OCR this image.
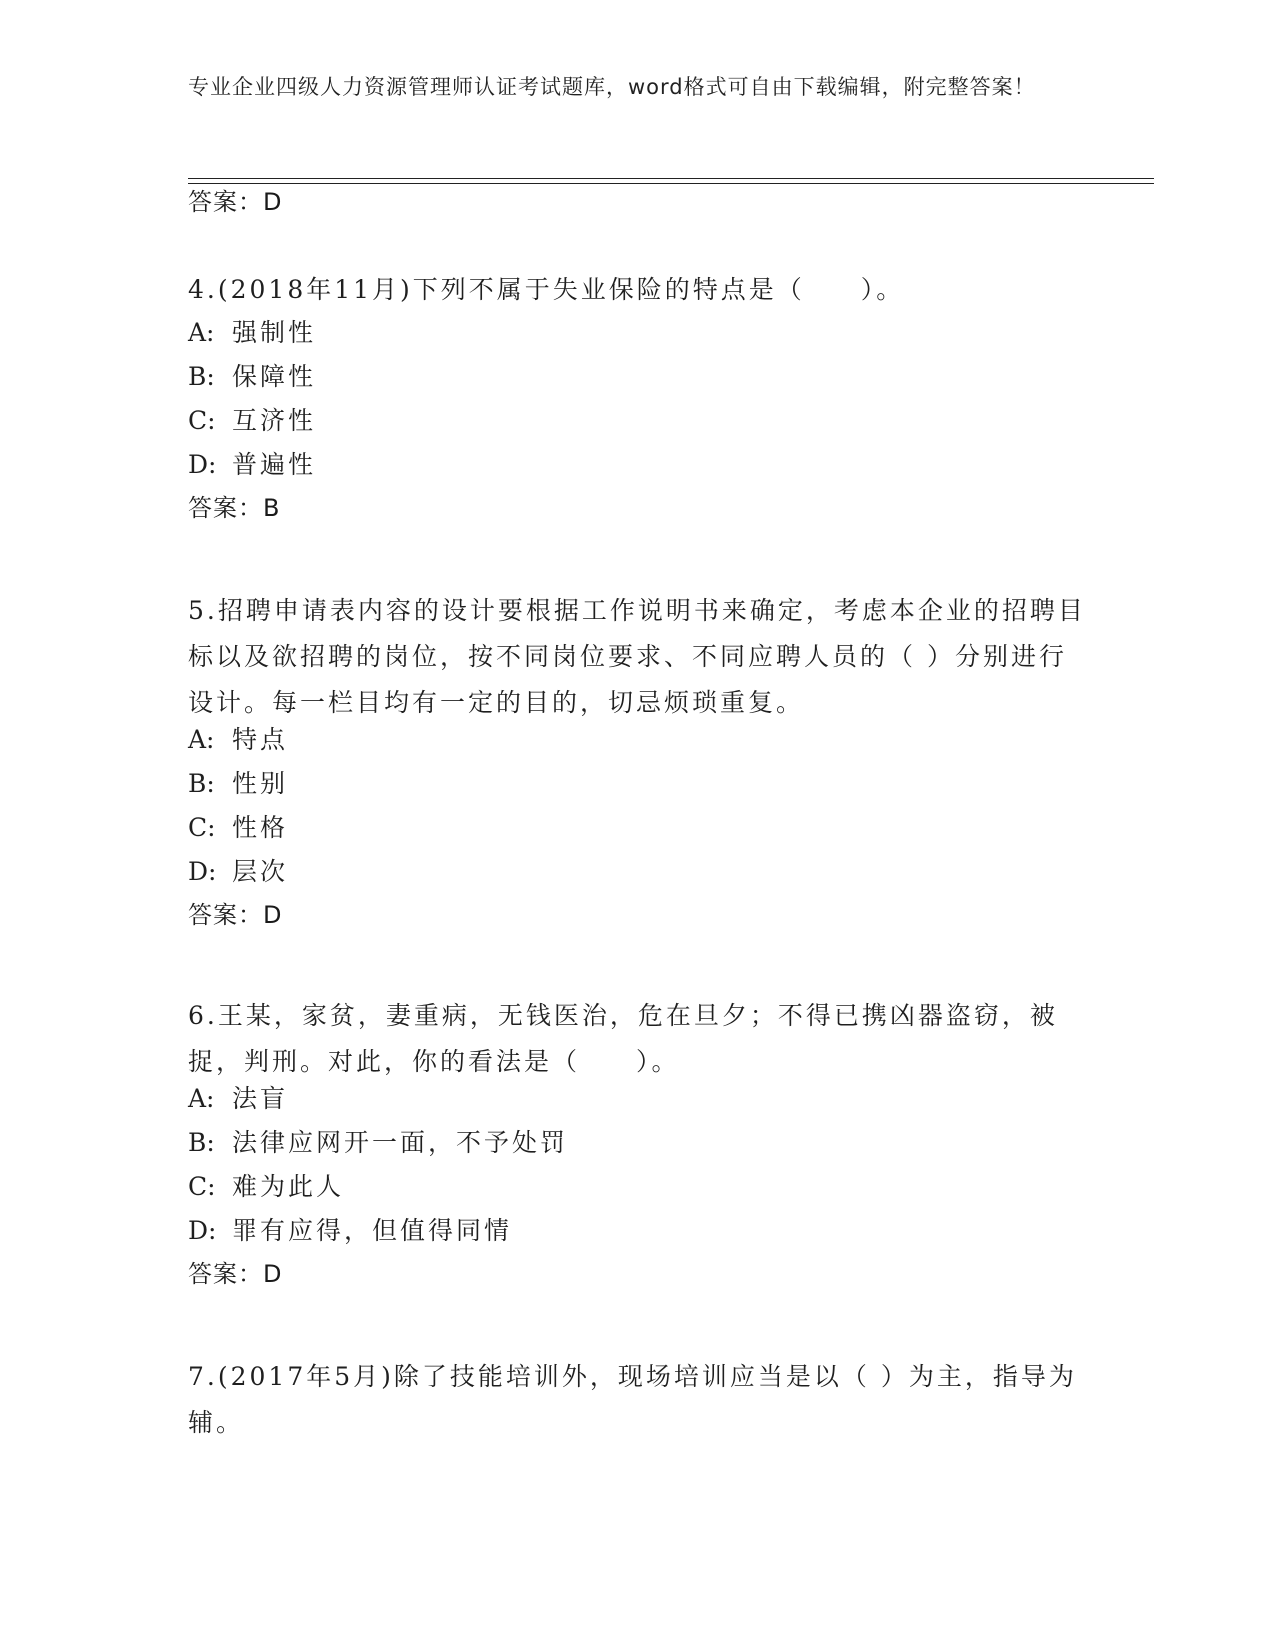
专业企业四级人力资源管理师认证考试题库，word格式可自由下载编辑，附完整答案！
答案：D
4.(2018年11月)下列不属于失业保险的特点是（　　）。
A: 强制性
B: 保障性
C: 互济性
D: 普遍性
答案：B
5.招聘申请表内容的设计要根据工作说明书来确定，考虑本企业的招聘目标以及欲招聘的岗位，按不同岗位要求、不同应聘人员的（ ）分别进行设计。每一栏目均有一定的目的，切忌烦琐重复。
A: 特点
B: 性别
C: 性格
D: 层次
答案：D
6.王某，家贫，妻重病，无钱医治，危在旦夕；不得已携凶器盗窃，被捉，判刑。对此，你的看法是（　　）。
A: 法盲
B: 法律应网开一面，不予处罚
C: 难为此人
D: 罪有应得，但值得同情
答案：D
7.(2017年5月)除了技能培训外，现场培训应当是以（ ）为主，指导为辅。
